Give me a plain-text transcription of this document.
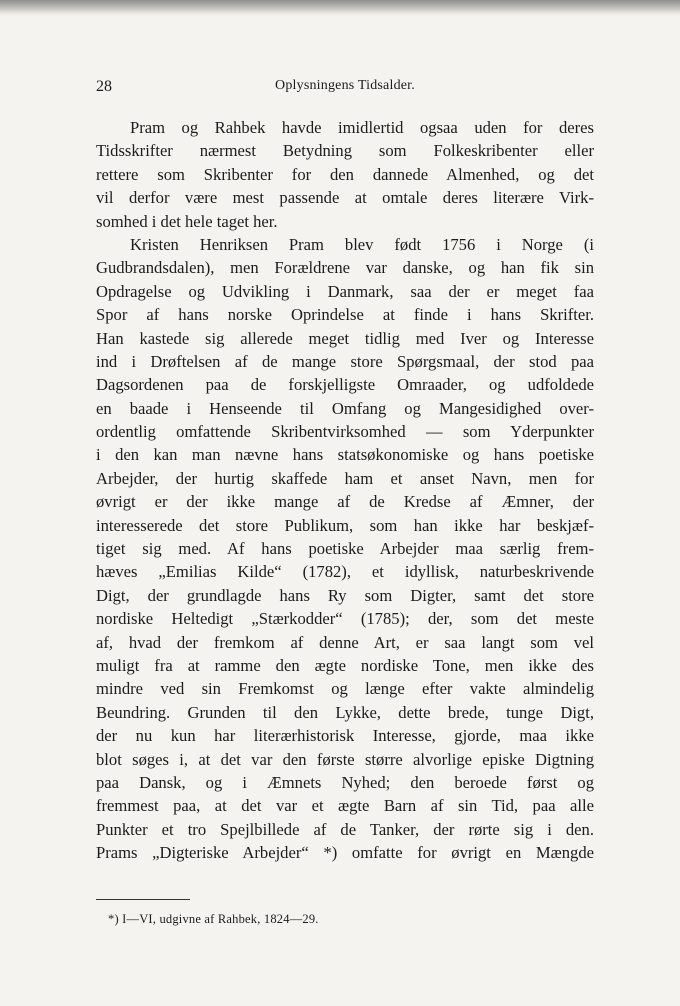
28	Oplysningens Tidsalder.
Pram og Rahbek havde imidlertid ogsaa uden for deres
Tidsskrifter nærmest Betydning som Folkeskribenter eller
rettere som Skribenter for den dannede Almenhed, og det
vil derfor være mest passende at omtale deres literære Virk-
somhed i det hele taget her.
Kristen Henriksen Pram blev født 1756 i Norge (i
Gudbrandsdalen), men Forældrene var danske, og han fik sin
Opdragelse og Udvikling i Danmark, saa der er meget faa
Spor af hans norske Oprindelse at finde i hans Skrifter.
Han kastede sig allerede meget tidlig med Iver og Interesse
ind i Drøftelsen af de mange store Spørgsmaal, der stod paa
Dagsordenen paa de forskjelligste Omraader, og udfoldede
en baade i Henseende til Omfang og Mangesidighed over-
ordentlig omfattende Skribentvirksomhed — som Yderpunkter
i den kan man nævne hans statsøkonomiske og hans poetiske
Arbejder, der hurtig skaffede ham et anset Navn, men for
øvrigt er der ikke mange af de Kredse af Æmner, der
interesserede det store Publikum, som han ikke har beskjæf-
tiget sig med. Af hans poetiske Arbejder maa særlig frem-
hæves „Emilias Kilde“ (1782), et idyllisk, naturbeskrivende
Digt, der grundlagde hans Ry som Digter, samt det store
nordiske Heltedigt „Stærkodder“ (1785); der, som det meste
af, hvad der fremkom af denne Art, er saa langt som vel
muligt fra at ramme den ægte nordiske Tone, men ikke des
mindre ved sin Fremkomst og længe efter vakte almindelig
Beundring. Grunden til den Lykke, dette brede, tunge Digt,
der nu kun har literærhistorisk Interesse, gjorde, maa ikke
blot søges i, at det var den første større alvorlige episke Digtning
paa Dansk, og i Æmnets Nyhed; den beroede først og
fremmest paa, at det var et ægte Barn af sin Tid, paa alle
Punkter et tro Spejlbillede af de Tanker, der rørte sig i den.
Prams „Digteriske Arbejder“ *) omfatte for øvrigt en Mængde
*) I—VI, udgivne af Rahbek, 1824—29.
